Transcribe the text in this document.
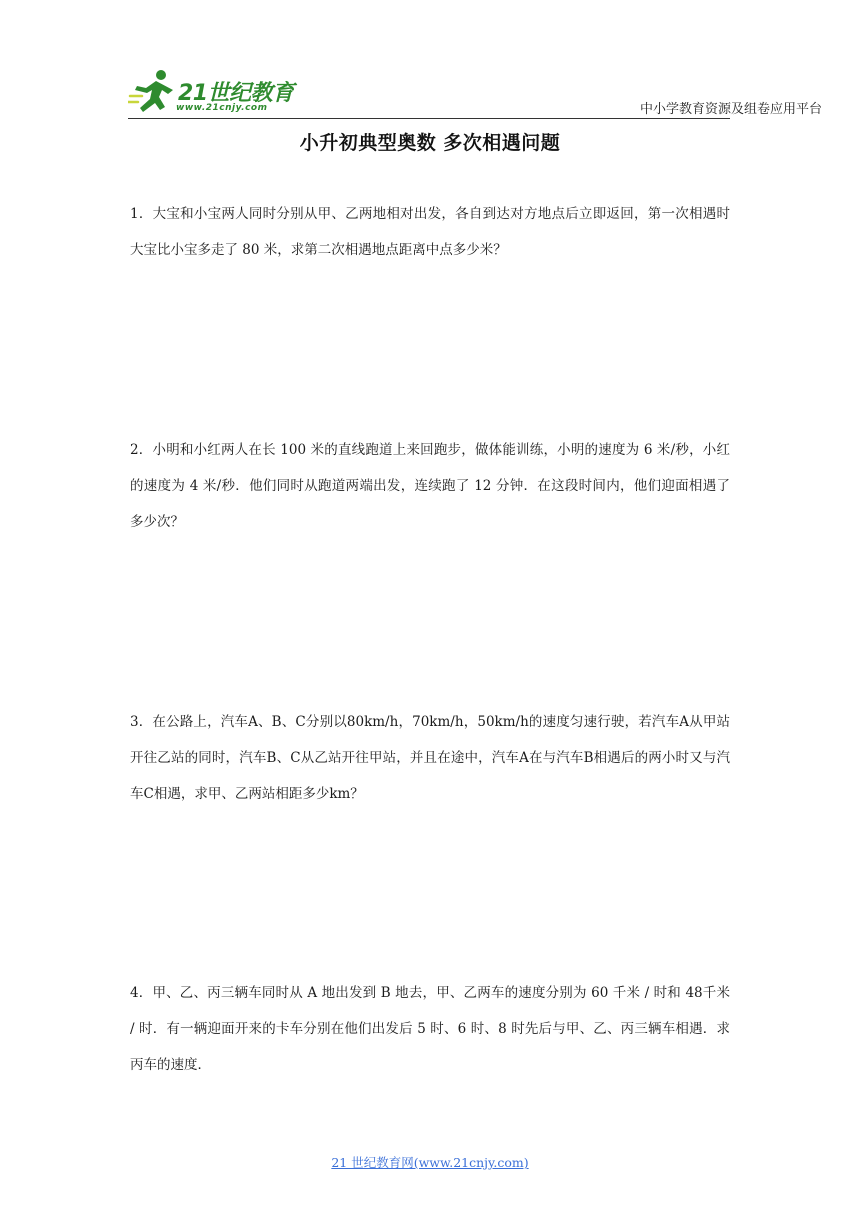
21世纪教育
www.21cnjy.com	中小学教育资源及组卷应用平台
小升初典型奥数 多次相遇问题
1．大宝和小宝两人同时分别从甲、乙两地相对出发，各自到达对方地点后立即返回，第一次相遇时大宝比小宝多走了 80 米，求第二次相遇地点距离中点多少米？
2．小明和小红两人在长 100 米的直线跑道上来回跑步，做体能训练，小明的速度为 6 米/秒，小红的速度为 4 米/秒．他们同时从跑道两端出发，连续跑了 12 分钟．在这段时间内，他们迎面相遇了多少次？
3．在公路上，汽车A、B、C分别以80km/h，70km/h，50km/h的速度匀速行驶，若汽车A从甲站开往乙站的同时，汽车B、C从乙站开往甲站，并且在途中，汽车A在与汽车B相遇后的两小时又与汽车C相遇，求甲、乙两站相距多少km？
4．甲、乙、丙三辆车同时从 A 地出发到 B 地去，甲、乙两车的速度分别为 60 千米 / 时和 48千米 / 时．有一辆迎面开来的卡车分别在他们出发后 5 时、6 时、8 时先后与甲、乙、丙三辆车相遇．求丙车的速度．
21 世纪教育网(www.21cnjy.com)
